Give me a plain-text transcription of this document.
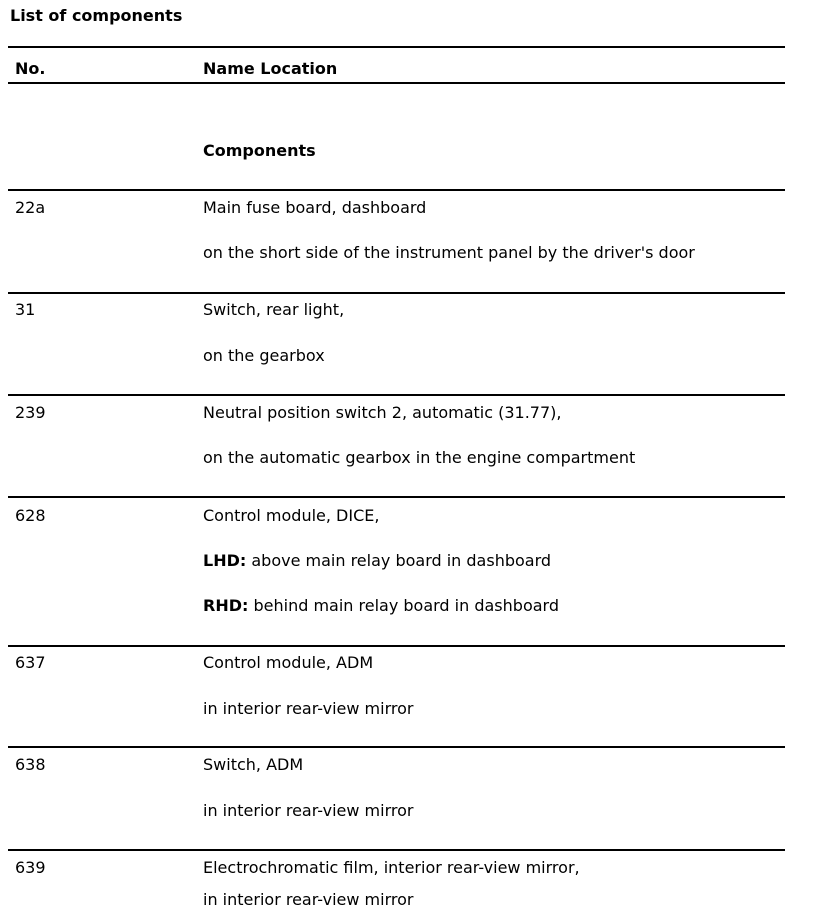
List of components
No.	Name Location
Components
22a	Main fuse board, dashboard
on the short side of the instrument panel by the driver's door
31	Switch, rear light,
on the gearbox
239	Neutral position switch 2, automatic (31.77),
on the automatic gearbox in the engine compartment
628	Control module, DICE,
LHD: above main relay board in dashboard
RHD: behind main relay board in dashboard
637	Control module, ADM
in interior rear-view mirror
638	Switch, ADM
in interior rear-view mirror
639	Electrochromatic film, interior rear-view mirror,
in interior rear-view mirror
